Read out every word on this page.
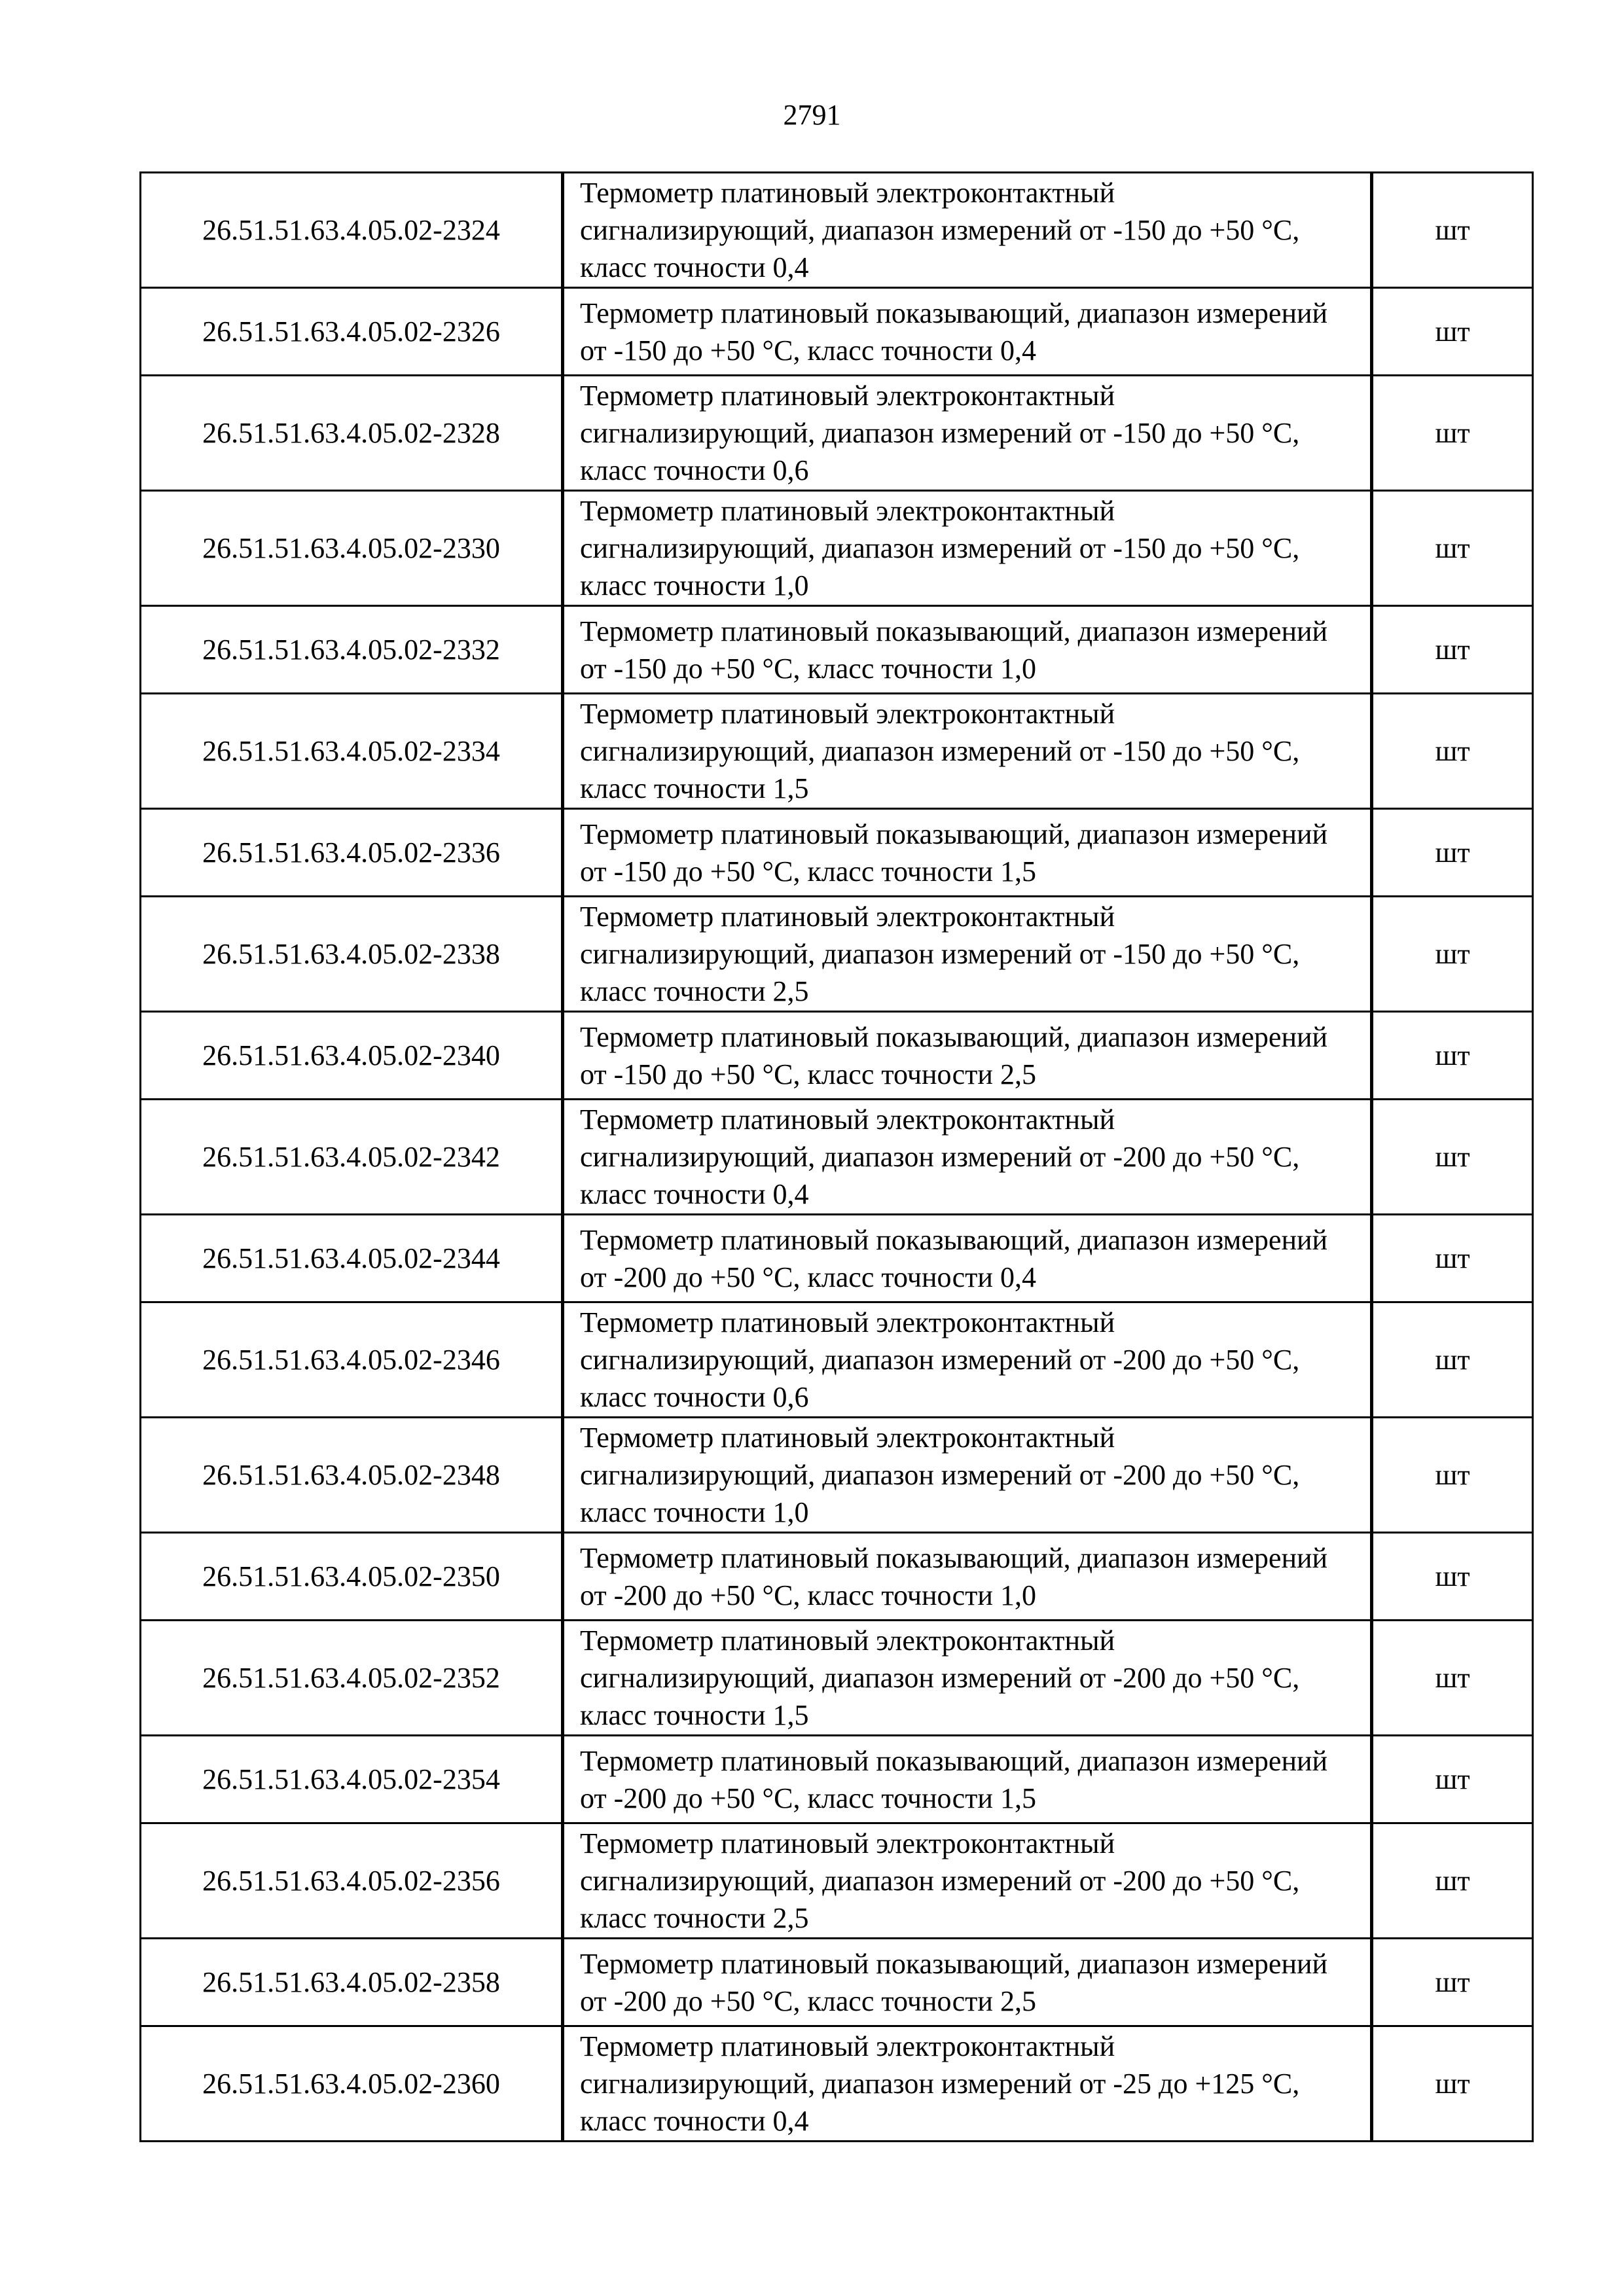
2791
26.51.51.63.4.05.02-2324	Термометр платиновый электроконтактный сигнализирующий, диапазон измерений от -150 до +50 °С, класс точности 0,4	шт
26.51.51.63.4.05.02-2326	Термометр платиновый показывающий, диапазон измерений от -150 до +50 °С, класс точности 0,4	шт
26.51.51.63.4.05.02-2328	Термометр платиновый электроконтактный сигнализирующий, диапазон измерений от -150 до +50 °С, класс точности 0,6	шт
26.51.51.63.4.05.02-2330	Термометр платиновый электроконтактный сигнализирующий, диапазон измерений от -150 до +50 °С, класс точности 1,0	шт
26.51.51.63.4.05.02-2332	Термометр платиновый показывающий, диапазон измерений от -150 до +50 °С, класс точности 1,0	шт
26.51.51.63.4.05.02-2334	Термометр платиновый электроконтактный сигнализирующий, диапазон измерений от -150 до +50 °С, класс точности 1,5	шт
26.51.51.63.4.05.02-2336	Термометр платиновый показывающий, диапазон измерений от -150 до +50 °С, класс точности 1,5	шт
26.51.51.63.4.05.02-2338	Термометр платиновый электроконтактный сигнализирующий, диапазон измерений от -150 до +50 °С, класс точности 2,5	шт
26.51.51.63.4.05.02-2340	Термометр платиновый показывающий, диапазон измерений от -150 до +50 °С, класс точности 2,5	шт
26.51.51.63.4.05.02-2342	Термометр платиновый электроконтактный сигнализирующий, диапазон измерений от -200 до +50 °С, класс точности 0,4	шт
26.51.51.63.4.05.02-2344	Термометр платиновый показывающий, диапазон измерений от -200 до +50 °С, класс точности 0,4	шт
26.51.51.63.4.05.02-2346	Термометр платиновый электроконтактный сигнализирующий, диапазон измерений от -200 до +50 °С, класс точности 0,6	шт
26.51.51.63.4.05.02-2348	Термометр платиновый электроконтактный сигнализирующий, диапазон измерений от -200 до +50 °С, класс точности 1,0	шт
26.51.51.63.4.05.02-2350	Термометр платиновый показывающий, диапазон измерений от -200 до +50 °С, класс точности 1,0	шт
26.51.51.63.4.05.02-2352	Термометр платиновый электроконтактный сигнализирующий, диапазон измерений от -200 до +50 °С, класс точности 1,5	шт
26.51.51.63.4.05.02-2354	Термометр платиновый показывающий, диапазон измерений от -200 до +50 °С, класс точности 1,5	шт
26.51.51.63.4.05.02-2356	Термометр платиновый электроконтактный сигнализирующий, диапазон измерений от -200 до +50 °С, класс точности 2,5	шт
26.51.51.63.4.05.02-2358	Термометр платиновый показывающий, диапазон измерений от -200 до +50 °С, класс точности 2,5	шт
26.51.51.63.4.05.02-2360	Термометр платиновый электроконтактный сигнализирующий, диапазон измерений от -25 до +125 °С, класс точности 0,4	шт
